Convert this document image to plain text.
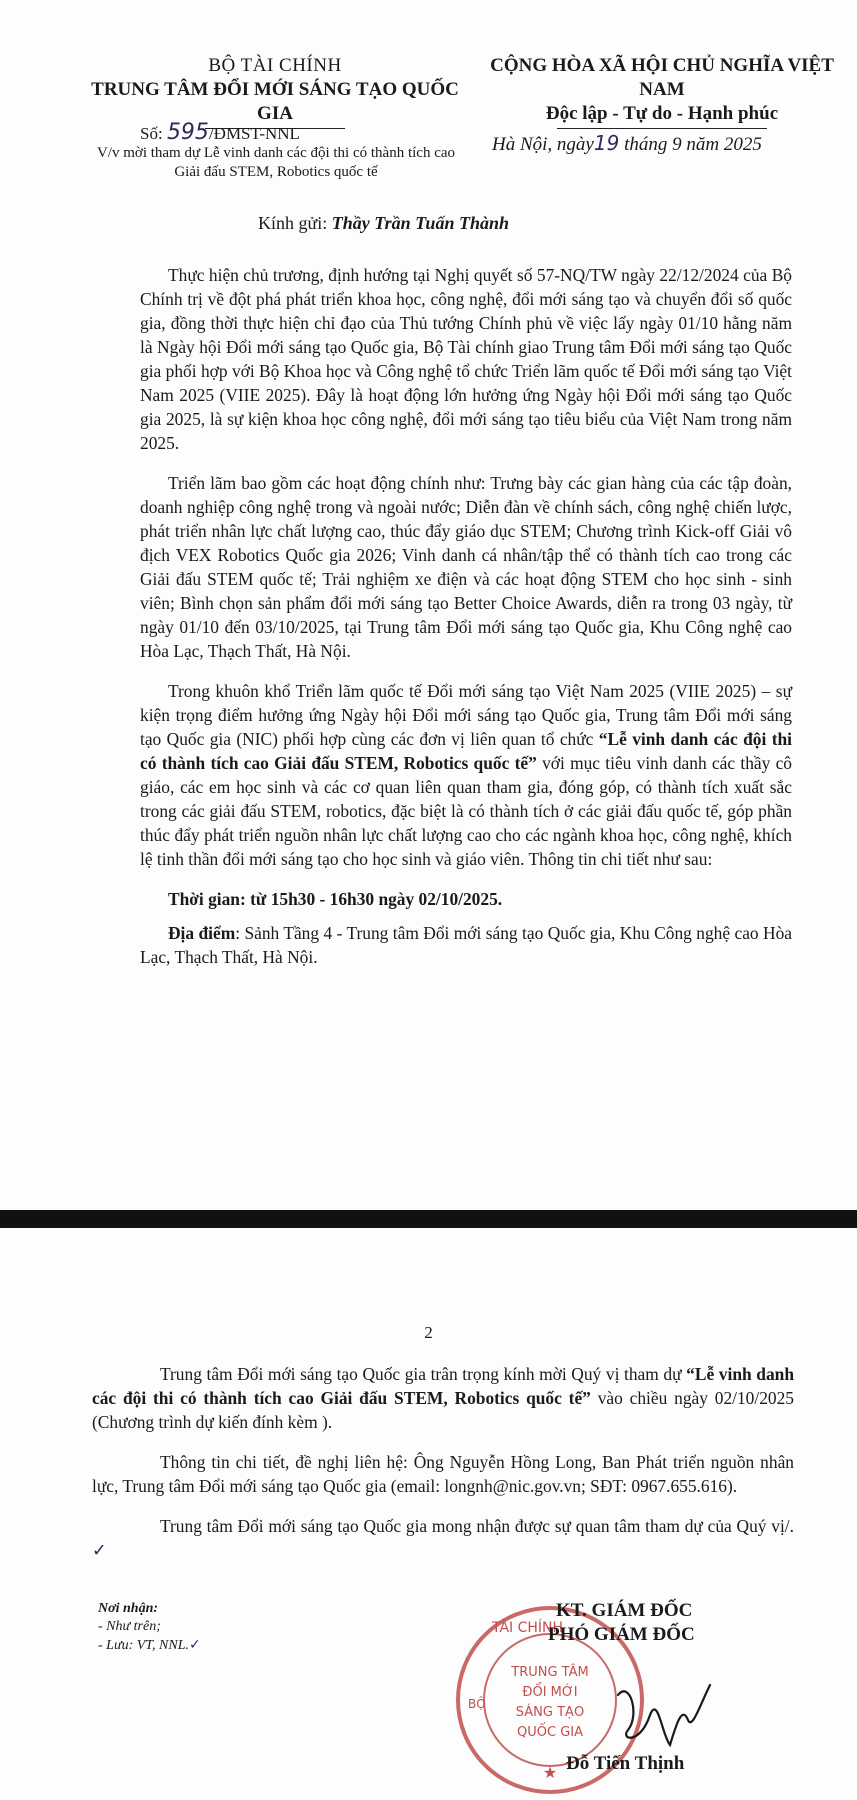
BỘ TÀI CHÍNH
TRUNG TÂM ĐỔI MỚI SÁNG TẠO QUỐC GIA
CỘNG HÒA XÃ HỘI CHỦ NGHĨA VIỆT NAM
Độc lập - Tự do - Hạnh phúc
Số: 595/ĐMST-NNL
V/v mời tham dự Lễ vinh danh các đội thi có thành tích cao Giải đấu STEM, Robotics quốc tế
Hà Nội, ngày19 tháng 9 năm 2025
Kính gửi: Thầy Trần Tuấn Thành

Thực hiện chủ trương, định hướng tại Nghị quyết số 57-NQ/TW ngày 22/12/2024 của Bộ Chính trị về đột phá phát triển khoa học, công nghệ, đổi mới sáng tạo và chuyển đổi số quốc gia, đồng thời thực hiện chỉ đạo của Thủ tướng Chính phủ về việc lấy ngày 01/10 hằng năm là Ngày hội Đổi mới sáng tạo Quốc gia, Bộ Tài chính giao Trung tâm Đổi mới sáng tạo Quốc gia phối hợp với Bộ Khoa học và Công nghệ tổ chức Triển lãm quốc tế Đổi mới sáng tạo Việt Nam 2025 (VIIE 2025). Đây là hoạt động lớn hưởng ứng Ngày hội Đổi mới sáng tạo Quốc gia 2025, là sự kiện khoa học công nghệ, đổi mới sáng tạo tiêu biểu của Việt Nam trong năm 2025.

Triển lãm bao gồm các hoạt động chính như: Trưng bày các gian hàng của các tập đoàn, doanh nghiệp công nghệ trong và ngoài nước; Diễn đàn về chính sách, công nghệ chiến lược, phát triển nhân lực chất lượng cao, thúc đẩy giáo dục STEM; Chương trình Kick-off Giải vô địch VEX Robotics Quốc gia 2026; Vinh danh cá nhân/tập thể có thành tích cao trong các Giải đấu STEM quốc tế; Trải nghiệm xe điện và các hoạt động STEM cho học sinh - sinh viên; Bình chọn sản phẩm đổi mới sáng tạo Better Choice Awards, diễn ra trong 03 ngày, từ ngày 01/10 đến 03/10/2025, tại Trung tâm Đổi mới sáng tạo Quốc gia, Khu Công nghệ cao Hòa Lạc, Thạch Thất, Hà Nội.

Trong khuôn khổ Triển lãm quốc tế Đổi mới sáng tạo Việt Nam 2025 (VIIE 2025) – sự kiện trọng điểm hưởng ứng Ngày hội Đổi mới sáng tạo Quốc gia, Trung tâm Đổi mới sáng tạo Quốc gia (NIC) phối hợp cùng các đơn vị liên quan tổ chức “Lễ vinh danh các đội thi có thành tích cao Giải đấu STEM, Robotics quốc tế” với mục tiêu vinh danh các thầy cô giáo, các em học sinh và các cơ quan liên quan tham gia, đóng góp, có thành tích xuất sắc trong các giải đấu STEM, robotics, đặc biệt là có thành tích ở các giải đấu quốc tế, góp phần thúc đẩy phát triển nguồn nhân lực chất lượng cao cho các ngành khoa học, công nghệ, khích lệ tinh thần đổi mới sáng tạo cho học sinh và giáo viên. Thông tin chi tiết như sau:

Thời gian: từ 15h30 - 16h30 ngày 02/10/2025.

Địa điểm: Sảnh Tầng 4 - Trung tâm Đổi mới sáng tạo Quốc gia, Khu Công nghệ cao Hòa Lạc, Thạch Thất, Hà Nội.

2

Trung tâm Đổi mới sáng tạo Quốc gia trân trọng kính mời Quý vị tham dự “Lễ vinh danh các đội thi có thành tích cao Giải đấu STEM, Robotics quốc tế” vào chiều ngày 02/10/2025 (Chương trình dự kiến đính kèm ).

Thông tin chi tiết, đề nghị liên hệ: Ông Nguyễn Hồng Long, Ban Phát triển nguồn nhân lực, Trung tâm Đổi mới sáng tạo Quốc gia (email: longnh@nic.gov.vn; SĐT: 0967.655.616).

Trung tâm Đổi mới sáng tạo Quốc gia mong nhận được sự quan tâm tham dự của Quý vị/. ✓

Nơi nhận:
- Như trên;
- Lưu: VT, NNL.✓
TÀI CHÍNH
BỘ
TRUNG TÂM
ĐỔI MỚI
SÁNG TẠO
QUỐC GIA
★
KT. GIÁM ĐỐC
PHÓ GIÁM ĐỐC
Đỗ Tiến Thịnh
